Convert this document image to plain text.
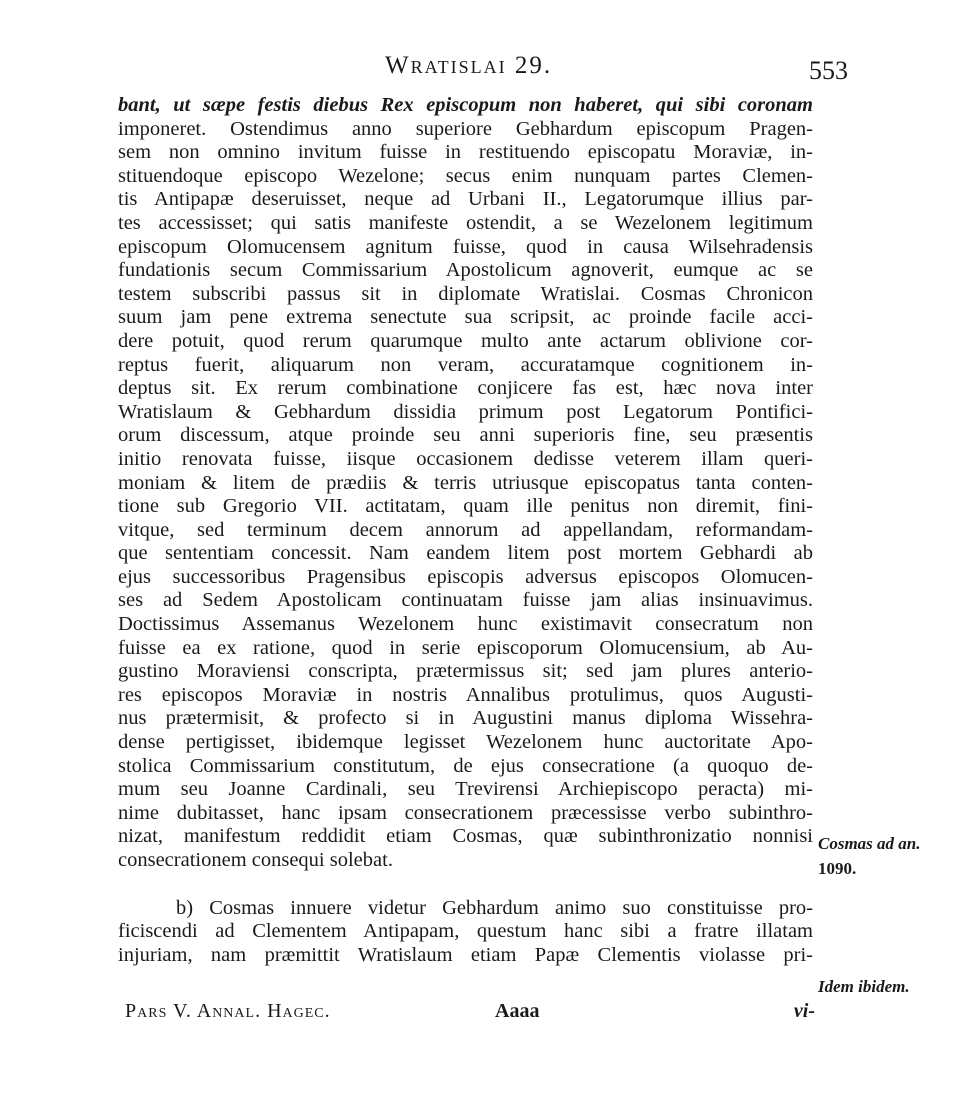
Wratislai 29.	553
bant, ut sæpe festis diebus Rex episcopum non haberet, qui sibi coronam
imponeret. Ostendimus anno superiore Gebhardum episcopum Pragen-
sem non omnino invitum fuisse in restituendo episcopatu Moraviæ, in-
stituendoque episcopo Wezelone; secus enim nunquam partes Clemen-
tis Antipapæ deseruisset, neque ad Urbani II., Legatorumque illius par-
tes accessisset; qui satis manifeste ostendit, a se Wezelonem legitimum
episcopum Olomucensem agnitum fuisse, quod in causa Wilsehradensis
fundationis secum Commissarium Apostolicum agnoverit, eumque ac se
testem subscribi passus sit in diplomate Wratislai. Cosmas Chronicon
suum jam pene extrema senectute sua scripsit, ac proinde facile acci-
dere potuit, quod rerum quarumque multo ante actarum oblivione cor-
reptus fuerit, aliquarum non veram, accuratamque cognitionem in-
deptus sit. Ex rerum combinatione conjicere fas est, hæc nova inter
Wratislaum & Gebhardum dissidia primum post Legatorum Pontifici-
orum discessum, atque proinde seu anni superioris fine, seu præsentis
initio renovata fuisse, iisque occasionem dedisse veterem illam queri-
moniam & litem de prædiis & terris utriusque episcopatus tanta conten-
tione sub Gregorio VII. actitatam, quam ille penitus non diremit, fini-
vitque, sed terminum decem annorum ad appellandam, reformandam-
que sententiam concessit. Nam eandem litem post mortem Gebhardi ab
ejus successoribus Pragensibus episcopis adversus episcopos Olomucen-
ses ad Sedem Apostolicam continuatam fuisse jam alias insinuavimus.
Doctissimus Assemanus Wezelonem hunc existimavit consecratum non
fuisse ea ex ratione, quod in serie episcoporum Olomucensium, ab Au-
gustino Moraviensi conscripta, prætermissus sit; sed jam plures anterio-
res episcopos Moraviæ in nostris Annalibus protulimus, quos Augusti-
nus prætermisit, & profecto si in Augustini manus diploma Wissehra-
dense pertigisset, ibidemque legisset Wezelonem hunc auctoritate Apo-
stolica Commissarium constitutum, de ejus consecratione (a quoquo de-
mum seu Joanne Cardinali, seu Trevirensi Archiepiscopo peracta) mi-
nime dubitasset, hanc ipsam consecrationem præcessisse verbo subinthro-
nizat, manifestum reddidit etiam Cosmas, quæ subinthronizatio nonnisi
consecrationem consequi solebat.
b) Cosmas innuere videtur Gebhardum animo suo constituisse pro-
ficiscendi ad Clementem Antipapam, questum hanc sibi a fratre illatam
injuriam, nam præmittit Wratislaum etiam Papæ Clementis violasse pri-
Cosmas ad an.
1090.
Idem ibidem.
Pars V. Annal. Hagec.	Aaaa	vi-
